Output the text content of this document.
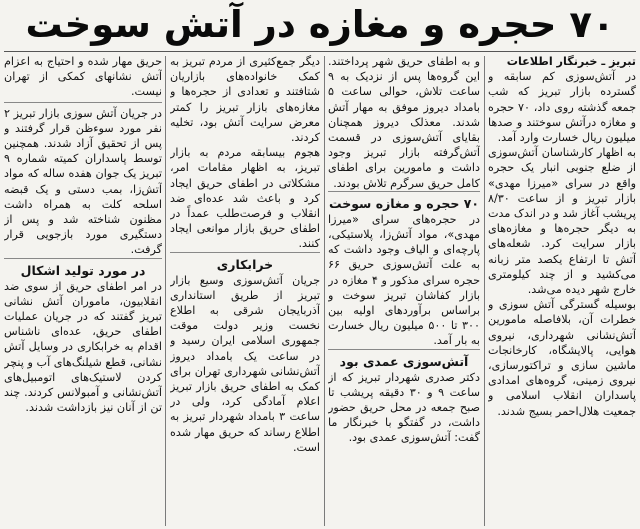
۷۰ حجره و مغازه در آتش سوخت

تبریز ـ خبرنگار اطلاعات

در آتش‌سوزی کم سابقه و گسترده بازار تبریز که شب جمعه گذشته روی داد، ۷۰ حجره و مغازه درآتش سوختند و صدها میلیون ریال خسارت وارد آمد.

به اظهار کارشناسان آتش‌سوزی از ضلع جنوبی انبار یک حجره واقع در سرای «میرزا مهدی» بازار تبریز و از ساعت ۸/۳۰ پریشب آغاز شد و در اندک مدت به دیگر حجره‌ها و مغازه‌های بازار سرایت کرد. شعله‌های آتش تا ارتفاع یکصد متر زبانه می‌کشید و از چند کیلومتری خارج شهر دیده می‌شد.

بوسیله گسترگی آتش سوزی و خطرات آن، بلافاصله مامورین آتش‌نشانی شهرداری، نیروی هوایی، پالایشگاه، کارخانجات ماشین سازی و تراکتورسازی، نیروی زمینی، گروه‌های امدادی پاسداران انقلاب اسلامی و جمعیت هلال‌احمر بسیج شدند.

و به اطفای حریق شهر پرداختند. این گروه‌ها پس از نزدیک به ۹ ساعت تلاش، حوالی ساعت ۵ بامداد دیروز موفق به مهار آتش شدند. معذلک دیروز همچنان بقایای آتش‌سوزی در قسمت آتش‌گرفته بازار تبریز وجود داشت و مامورین برای اطفای کامل حریق سرگرم تلاش بودند.

۷۰ حجره و مغازه سوخت

در حجره‌های سرای «میرزا مهدی»، مواد آتش‌زا، پلاستیکی، پارچه‌ای و الیاف وجود داشت که به علت آتش‌سوزی حریق ۶۶ حجره سرای مذکور و ۴ مغازه در بازار کفاشان تبریز سوخت و براساس برآورد‌های اولیه بین ۳۰۰ تا ۵۰۰ میلیون ریال خسارت به بار آمد.

آتش‌سوزی عمدی بود

دکتر صدری شهردار تبریز که از ساعت ۹ و ۳۰ دقیقه پریشب تا صبح جمعه در محل حریق حضور داشت، در گفتگو با خبرنگار ما گفت: آتش‌سوزی عمدی بود.

دیگر جمع‌کثیری از مردم تبریز به کمک خانواده‌های بازاریان شتافتند و تعدادی از حجره‌ها و مغازه‌های بازار تبریز را کمتر معرض سرایت آتش بود، تخلیه کردند.

هجوم بیسابقه مردم به بازار تبریز، به اظهار مقامات امر، مشکلاتی در اطفای حریق ایجاد کرد و باعث شد عده‌ای ضد انقلاب و فرصت‌طلب عمداً در اطفای حریق بازار موانعی ایجاد کنند.

خرابکاری

جریان آتش‌سوزی وسیع بازار تبریز از طریق استانداری آذربایجان شرقی به اطلاع نخست وزیر دولت موقت جمهوری اسلامی ایران رسید و در ساعت یک بامداد دیروز آتش‌نشانی شهرداری تهران برای کمک به اطفای حریق بازار تبریز اعلام آمادگی کرد، ولی در ساعت ۳ بامداد شهردار تبریز به اطلاع رساند که حریق مهار شده است.

حریق مهار شده و احتیاج به اعزام آتش نشانهای کمکی از تهران نیست.

در جریان آتش سوزی بازار تبریز ۲ نفر مورد سوءظن قرار گرفتند و پس از تحقیق آزاد شدند. همچنین توسط پاسداران کمیته شماره ۹ تبریز یک جوان هفده ساله که مواد آتش‌زا، بمب دستی و یک قبضه اسلحه کلت به همراه داشت مظنون شناخته شد و پس از دستگیری مورد بازجویی قرار گرفت.

در مورد تولید اشکال

در امر اطفای حریق از سوی ضد انقلابیون، ماموران آتش نشانی تبریز گفتند که در جریان عملیات اطفای حریق، عده‌ای ناشناس اقدام به خرابکاری در وسایل آتش نشانی، قطع شیلنگ‌های آب و پنچر کردن لاستیک‌های اتومبیل‌های آتش‌نشانی و آمبولانس کردند. چند تن از آنان نیز بازداشت شدند.
